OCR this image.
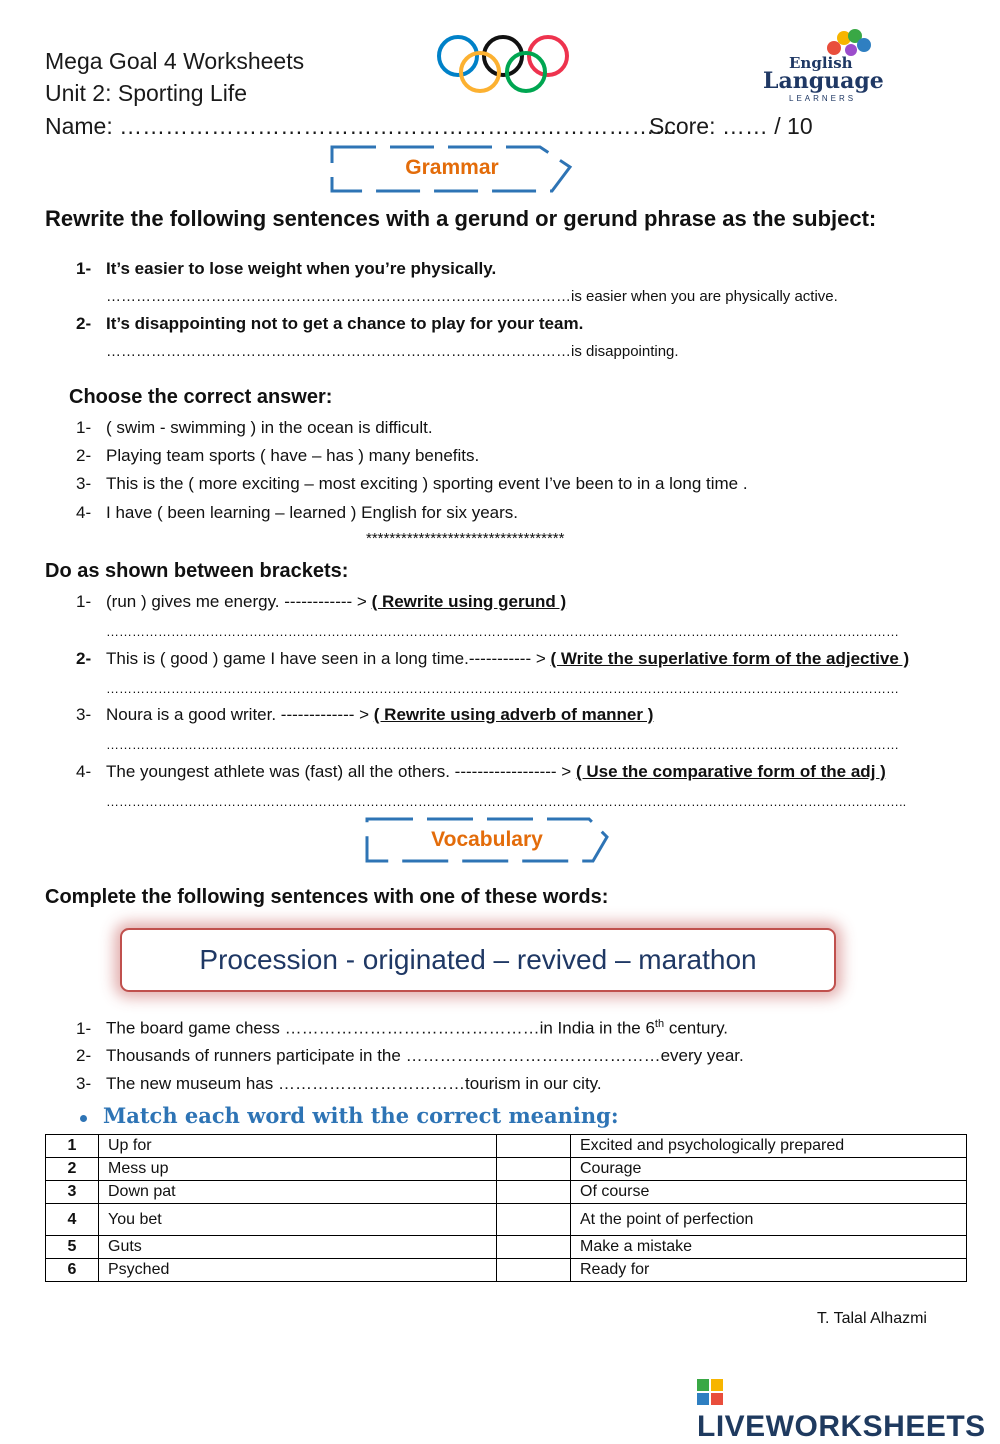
Mega Goal 4 Worksheets
Unit 2: Sporting Life
Name: ……………………………………………….………………
Score: …… / 10
English
Language
LEARNERS
Grammar
Rewrite the following sentences with a gerund or gerund phrase as the subject:
1- It’s easier to lose weight when you’re physically.
…………………………………………………………………………………is easier when you are physically active.
2- It’s disappointing not to get a chance to play for your team.
…………………………………………………………………………………is disappointing.
Choose the correct answer:
1- ( swim - swimming ) in the ocean is difficult.
2- Playing team sports ( have – has ) many benefits.
3- This is the ( more exciting – most exciting ) sporting event I’ve been to in a long time .
4- I have ( been learning – learned ) English for six years.
**********************************
Do as shown between brackets:
1- (run ) gives me energy. ------------ > ( Rewrite using gerund )
…………………………………………………………………………………………………………………………………………………………………
2- This is ( good ) game I have seen in a long time.----------- > ( Write the superlative form of the adjective )
…………………………………………………………………………………………………………………………………………………………………
3- Noura is a good writer. ------------- > ( Rewrite using adverb of manner )
…………………………………………………………………………………………………………………………………………………………………
4- The youngest athlete was (fast) all the others. ------------------ > ( Use the comparative form of the adj )
…………………………………………………………………………………………………………………………………………………………………..
Vocabulary
Complete the following sentences with one of these words:
Procession - originated – revived – marathon
1- The board game chess ………………………………………in India in the 6th century.
2- Thousands of runners participate in the ………………………………………every year.
3- The new museum has ……………………………tourism in our city.
Match each word with the correct meaning:
1	Up for		Excited and psychologically prepared
2	Mess up		Courage
3	Down pat		Of course
4	You bet		At the point of perfection
5	Guts		Make a mistake
6	Psyched		Ready for
T. Talal Alhazmi
LIVEWORKSHEETS
